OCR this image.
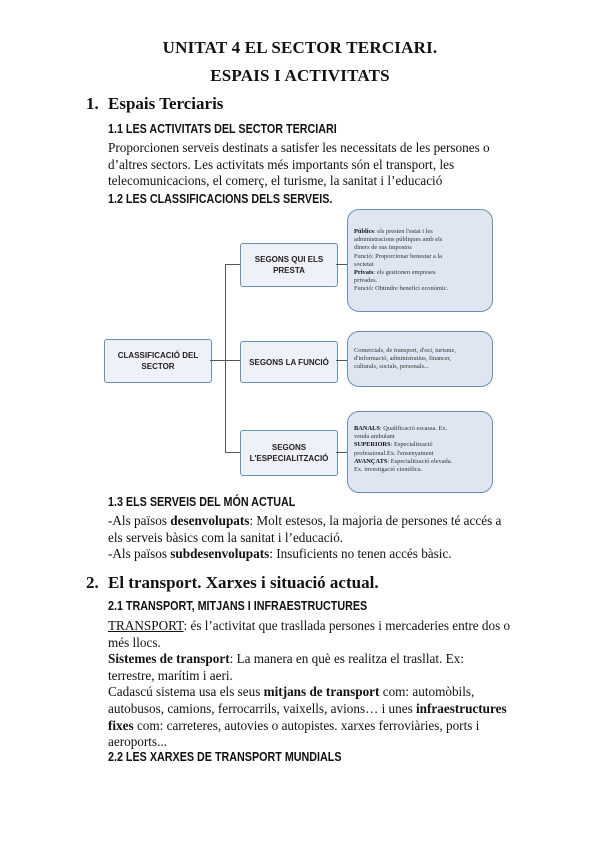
UNITAT 4 EL SECTOR TERCIARI.
ESPAIS I ACTIVITATS
1. Espais Terciaris
1.1 LES ACTIVITATS DEL SECTOR TERCIARI
Proporcionen serveis destinats a satisfer les necessitats de les persones o
d’altres sectors. Les activitats més importants són el transport, les
telecomunicacions, el comerç, el turisme, la sanitat i l’educació
1.2 LES CLASSIFICACIONS DELS SERVEIS.
CLASSIFICACIÓ DEL SECTOR
SEGONS QUI ELS PRESTA
SEGONS LA FUNCIÓ
SEGONS
L'ESPECIALITZACIÓ
Públics: els presten l'estat i les
administracions públiques amb els
diners de sus impostos
Funció: Proporcionar benestar a la
societat
Privats: els gestionen empreses
privades.
Funció: Obtindre benefici econòmic.
Comercials, de transport, d'oci, turisme,
d'informació, administratius, financer,
culturals, socials, personals...
BANALS: Qualificació escassa. Ex.
venda ambulant
SUPERIORS: Especialització
professional.Ex. l'ensenyament
AVANÇATS: Especialització elevada.
Ex. investigació científica.
1.3 ELS SERVEIS DEL MÓN ACTUAL
-Als països desenvolupats: Molt estesos, la majoria de persones té accés a
els serveis bàsics com la sanitat i l’educació.
-Als països subdesenvolupats: Insuficients no tenen accés bàsic.
2. El transport. Xarxes i situació actual.
2.1 TRANSPORT, MITJANS I INFRAESTRUCTURES
TRANSPORT: és l’activitat que trasllada persones i mercaderies entre dos o
més llocs.
Sistemes de transport: La manera en què es realitza el trasllat. Ex:
terrestre, marítim i aeri.
Cadascú sistema usa els seus mitjans de transport com: automòbils,
autobusos, camions, ferrocarrils, vaixells, avions… i unes infraestructures
fixes com: carreteres, autovies o autopistes. xarxes ferroviàries, ports i
aeroports...
2.2 LES XARXES DE TRANSPORT MUNDIALS
